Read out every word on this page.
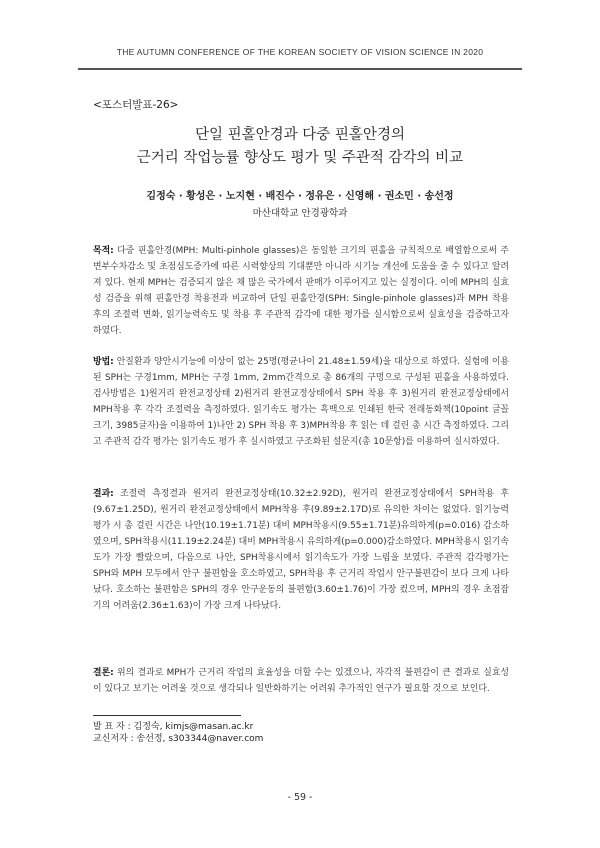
THE AUTUMN CONFERENCE OF THE KOREAN SOCIETY OF VISION SCIENCE IN 2020
<포스터발표-26>
단일 핀홀안경과 다중 핀홀안경의
근거리 작업능률 향상도 평가 및 주관적 감각의 비교
김정숙 · 황성은 · 노지현 · 배진수 · 정유은 · 신영해 · 권소민 · 송선정
마산대학교 안경광학과
목적: 다중 핀홀안경(MPH: Multi-pinhole glasses)은 동일한 크기의 핀홀을 규칙적으로 배열함으로써 주변부수차감소 및 초점심도증가에 따른 시력향상의 기대뿐만 아니라 시기능 개선에 도움을 줄 수 있다고 알려져 있다. 현재 MPH는 검증되지 않은 채 많은 국가에서 판매가 이루어지고 있는 실정이다. 이에 MPH의 실효성 검증을 위해 핀홀안경 착용전과 비교하여 단일 핀홀안경(SPH: Single-pinhole glasses)과 MPH 착용 후의 조절력 변화, 읽기능력속도 및 착용 후 주관적 감각에 대한 평가를 실시함으로써 실효성을 검증하고자 하였다.
방법: 안질환과 양안시기능에 이상이 없는 25명(평균나이 21.48±1.59세)을 대상으로 하였다. 실험에 이용된 SPH는 구경1mm, MPH는 구경 1mm, 2mm간격으로 총 86개의 구멍으로 구성된 핀홀을 사용하였다. 검사방법은 1)원거리 완전교정상태 2)원거리 완전교정상태에서 SPH 착용 후 3)원거리 완전교정상태에서 MPH착용 후 각각 조절력을 측정하였다. 읽기속도 평가는 흑백으로 인쇄된 한국 전래동화책(10point 글꼴크기, 3985글자)을 이용하여 1)나안 2) SPH 착용 후 3)MPH착용 후 읽는 데 걸린 총 시간 측정하였다. 그리고 주관적 감각 평가는 읽기속도 평가 후 실시하였고 구조화된 설문지(총 10문항)를 이용하여 실시하였다.
결과: 조절력 측정결과 원거리 완전교정상태(10.32±2.92D), 원거리 완전교정상태에서 SPH착용 후(9.67±1.25D), 원거리 완전교정상태에서 MPH착용 후(9.89±2.17D)로 유의한 차이는 없었다. 읽기능력평가 시 총 걸린 시간은 나안(10.19±1.71분) 대비 MPH착용시(9.55±1.71분)유의하게(p=0.016) 감소하였으며, SPH착용시(11.19±2.24분) 대비 MPH착용시 유의하게(p=0.000)감소하였다. MPH착용시 읽기속도가 가장 빨랐으며, 다음으로 나안, SPH착용시에서 읽기속도가 가장 느림을 보였다. 주관적 감각평가는 SPH와 MPH 모두에서 안구 불편함을 호소하였고, SPH착용 후 근거리 작업시 안구불편감이 보다 크게 나타났다. 호소하는 불편함은 SPH의 경우 안구운동의 불편함(3.60±1.76)이 가장 컸으며, MPH의 경우 초점잡기의 어려움(2.36±1.63)이 가장 크게 나타났다.
결론: 위의 결과로 MPH가 근거리 작업의 효율성을 더할 수는 있겠으나, 자각적 불편감이 큰 결과로 실효성이 있다고 보기는 어려울 것으로 생각되나 일반화하기는 어려워 추가적인 연구가 필요할 것으로 보인다.
발 표 자 : 김정숙, kimjs@masan.ac.kr
교신저자 : 송선정, s303344@naver.com
- 59 -
